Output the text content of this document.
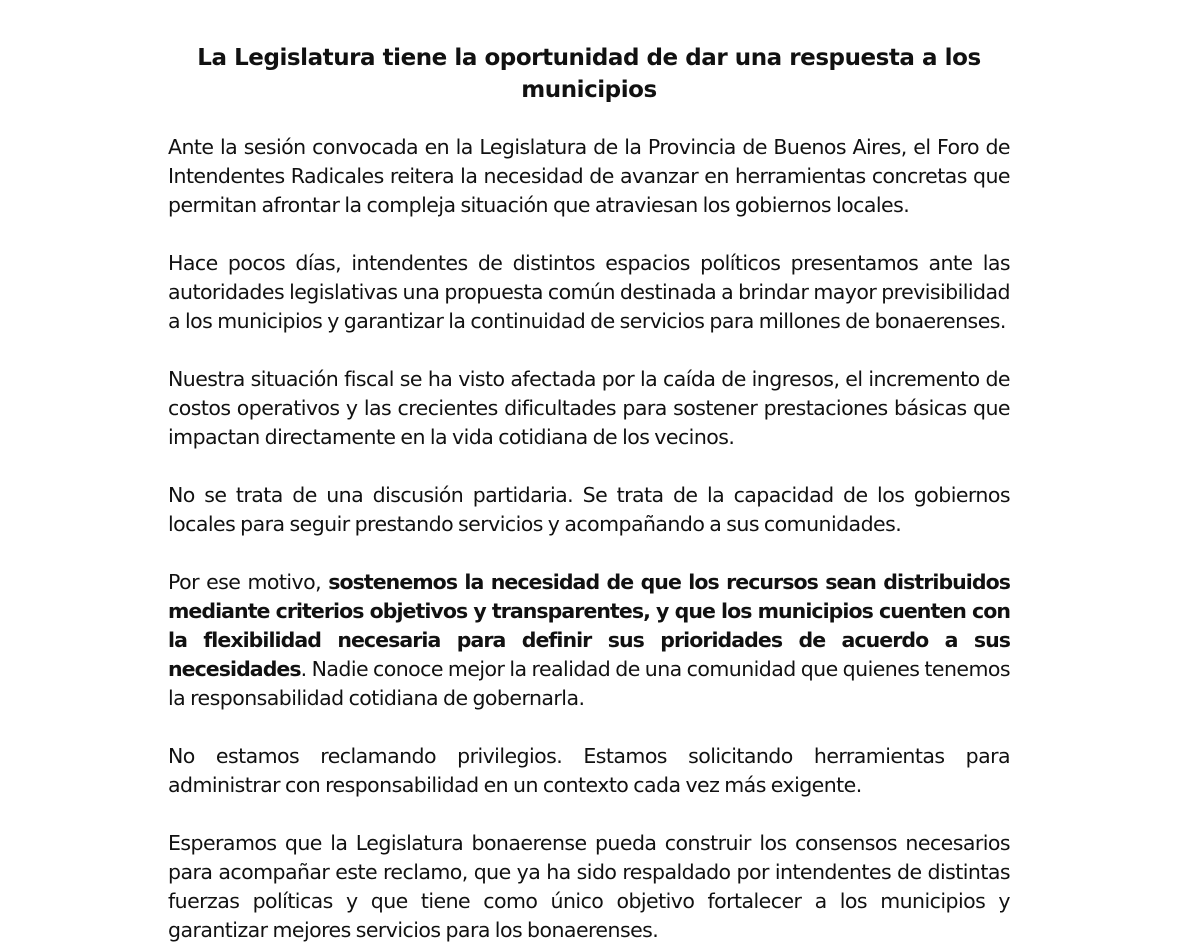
La Legislatura tiene la oportunidad de dar una respuesta a los municipios

Ante la sesión convocada en la Legislatura de la Provincia de Buenos Aires, el Foro de Intendentes Radicales reitera la necesidad de avanzar en herramientas concretas que permitan afrontar la compleja situación que atraviesan los gobiernos locales.

Hace pocos días, intendentes de distintos espacios políticos presentamos ante las autoridades legislativas una propuesta común destinada a brindar mayor previsibilidad a los municipios y garantizar la continuidad de servicios para millones de bonaerenses.

Nuestra situación fiscal se ha visto afectada por la caída de ingresos, el incremento de costos operativos y las crecientes dificultades para sostener prestaciones básicas que impactan directamente en la vida cotidiana de los vecinos.

No se trata de una discusión partidaria. Se trata de la capacidad de los gobiernos locales para seguir prestando servicios y acompañando a sus comunidades.

Por ese motivo, sostenemos la necesidad de que los recursos sean distribuidos mediante criterios objetivos y transparentes, y que los municipios cuenten con la flexibilidad necesaria para definir sus prioridades de acuerdo a sus necesidades. Nadie conoce mejor la realidad de una comunidad que quienes tenemos la responsabilidad cotidiana de gobernarla.

No estamos reclamando privilegios. Estamos solicitando herramientas para administrar con responsabilidad en un contexto cada vez más exigente.

Esperamos que la Legislatura bonaerense pueda construir los consensos necesarios para acompañar este reclamo, que ya ha sido respaldado por intendentes de distintas fuerzas políticas y que tiene como único objetivo fortalecer a los municipios y garantizar mejores servicios para los bonaerenses.
